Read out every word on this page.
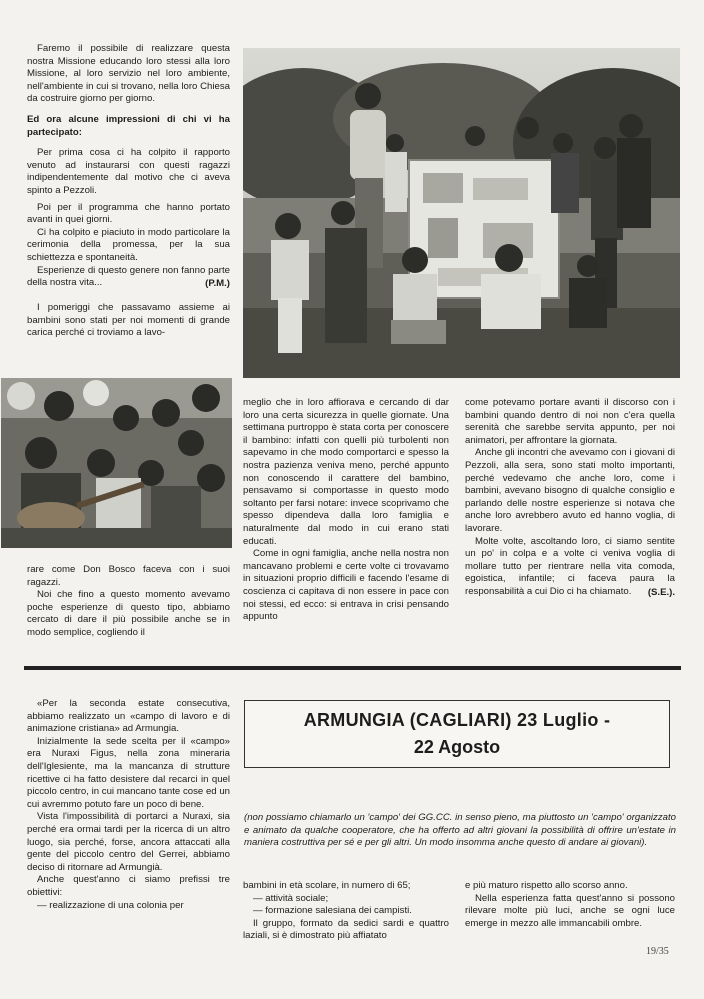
Faremo il possibile di realizzare questa nostra Missione educando loro stessi alla loro Missione, al loro servizio nel loro ambiente, nell'ambiente in cui si trovano, nella loro Chiesa da costruire giorno per giorno.

Ed ora alcune impressioni di chi vi ha partecipato:

Per prima cosa ci ha colpito il rapporto venuto ad instaurarsi con questi ragazzi indipendentemente dal motivo che ci aveva spinto a Pezzoli.

Poi per il programma che hanno portato avanti in quei giorni.

Ci ha colpito e piaciuto in modo particolare la cerimonia della promessa, per la sua schiettezza e spontaneità.

Esperienze di questo genere non fanno parte della nostra vita...	(P.M.)

I pomeriggi che passavamo assieme ai bambini sono stati per noi momenti di grande carica perché ci troviamo a lavo-

rare come Don Bosco faceva con i suoi ragazzi.

Noi che fino a questo momento avevamo poche esperienze di questo tipo, abbiamo cercato di dare il più possibile anche se in modo semplice, cogliendo il

meglio che in loro affiorava e cercando di dar loro una certa sicurezza in quelle giornate. Una settimana purtroppo è stata corta per conoscere il bambino: infatti con quelli più turbolenti non sapevamo in che modo comportarci e spesso la nostra pazienza veniva meno, perché appunto non conoscendo il carattere del bambino, pensavamo si comportasse in questo modo soltanto per farsi notare: invece scoprivamo che spesso dipendeva dalla loro famiglia e naturalmente dal modo in cui erano stati educati.

Come in ogni famiglia, anche nella nostra non mancavano problemi e certe volte ci trovavamo in situazioni proprio difficili e facendo l'esame di coscienza ci capitava di non essere in pace con noi stessi, ed ecco: si entrava in crisi pensando appunto

come potevamo portare avanti il discorso con i bambini quando dentro di noi non c'era quella serenità che sarebbe servita appunto, per noi animatori, per affrontare la giornata.

Anche gli incontri che avevamo con i giovani di Pezzoli, alla sera, sono stati molto importanti, perché vedevamo che anche loro, come i bambini, avevano bisogno di qualche consiglio e parlando delle nostre esperienze si notava che anche loro avrebbero avuto ed hanno voglia, di lavorare.

Molte volte, ascoltando loro, ci siamo sentite un po' in colpa e a volte ci veniva voglia di mollare tutto per rientrare nella vita comoda, egoistica, infantile; ci faceva paura la responsabilità a cui Dio ci ha chiamato.	(S.E.).

«Per la seconda estate consecutiva, abbiamo realizzato un «campo di lavoro e di animazione cristiana» ad Armungia.

Inizialmente la sede scelta per il «campo» era Nuraxi Figus, nella zona mineraria dell'Iglesiente, ma la mancanza di strutture ricettive ci ha fatto desistere dal recarci in quel piccolo centro, in cui mancano tante cose ed un cui avremmo potuto fare un poco di bene.

Vista l'impossibilità di portarci a Nuraxi, sia perché era ormai tardi per la ricerca di un altro luogo, sia perché, forse, ancora attaccati alla gente del piccolo centro del Gerrei, abbiamo deciso di ritornare ad Armungià.

Anche quest'anno ci siamo prefissi tre obiettivi:

— realizzazione di una colonia per

ARMUNGIA (CAGLIARI) 23 Luglio -
22 Agosto
(non possiamo chiamarlo un 'campo' dei GG.CC. in senso pieno, ma piuttosto un 'campo' organizzato e animato da qualche cooperatore, che ha offerto ad altri giovani la possibilità di offrire un'estate in maniera costruttiva per sé e per gli altri. Un modo insomma anche questo di andare ai giovani).

bambini in età scolare, in numero di 65;

— attività sociale;

— formazione salesiana dei campisti.

Il gruppo, formato da sedici sardi e quattro laziali, si è dimostrato più affiatato

e più maturo rispetto allo scorso anno.

Nella esperienza fatta quest'anno si possono rilevare molte più luci, anche se ogni luce emerge in mezzo alle immancabili ombre.

19/35
